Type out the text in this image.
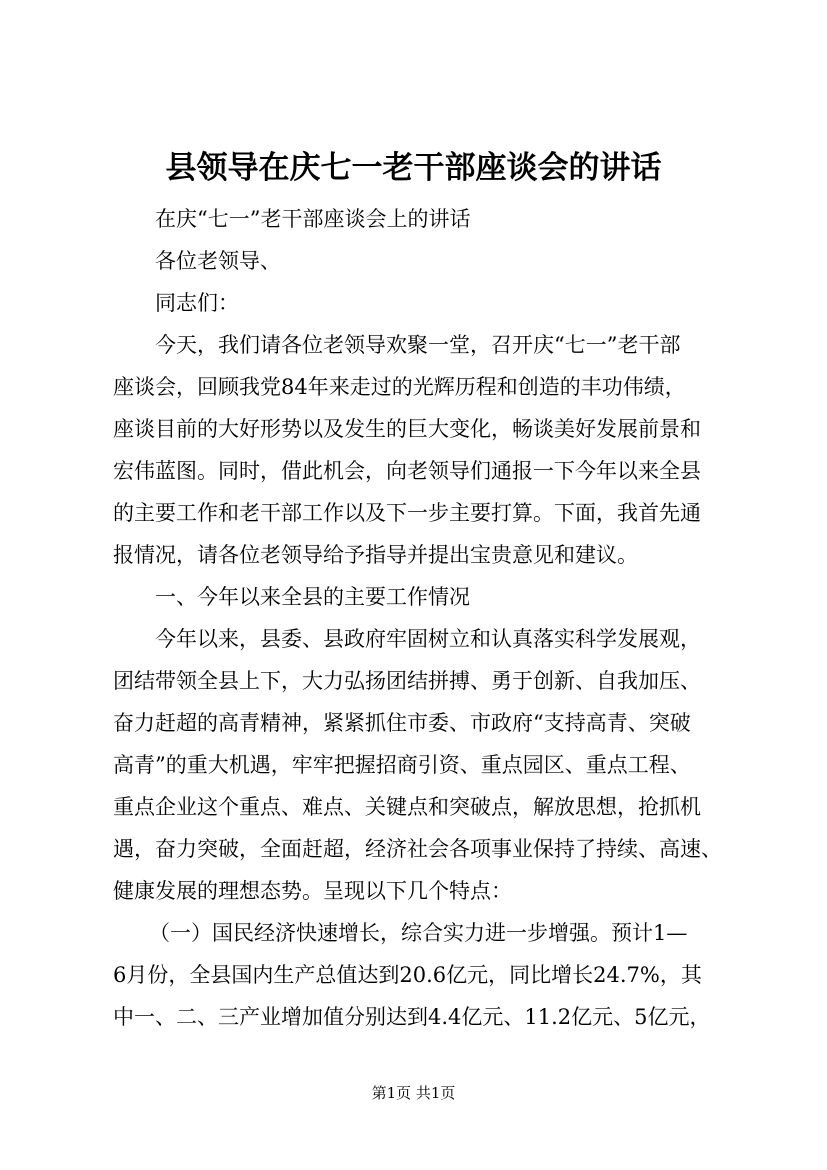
县领导在庆七一老干部座谈会的讲话
在庆“七一”老干部座谈会上的讲话
各位老领导、
同志们：
今天，我们请各位老领导欢聚一堂，召开庆“七一”老干部
座谈会，回顾我党84年来走过的光辉历程和创造的丰功伟绩，
座谈目前的大好形势以及发生的巨大变化，畅谈美好发展前景和
宏伟蓝图。同时，借此机会，向老领导们通报一下今年以来全县
的主要工作和老干部工作以及下一步主要打算。下面，我首先通
报情况，请各位老领导给予指导并提出宝贵意见和建议。
一、今年以来全县的主要工作情况
今年以来，县委、县政府牢固树立和认真落实科学发展观，
团结带领全县上下，大力弘扬团结拼搏、勇于创新、自我加压、
奋力赶超的高青精神，紧紧抓住市委、市政府“支持高青、突破
高青”的重大机遇，牢牢把握招商引资、重点园区、重点工程、
重点企业这个重点、难点、关键点和突破点，解放思想，抢抓机
遇，奋力突破，全面赶超，经济社会各项事业保持了持续、高速、
健康发展的理想态势。呈现以下几个特点：
（一）国民经济快速增长，综合实力进一步增强。预计1—
6月份，全县国内生产总值达到20.6亿元，同比增长24.7%，其
中一、二、三产业增加值分别达到4.4亿元、11.2亿元、5亿元，
第1页 共1页
